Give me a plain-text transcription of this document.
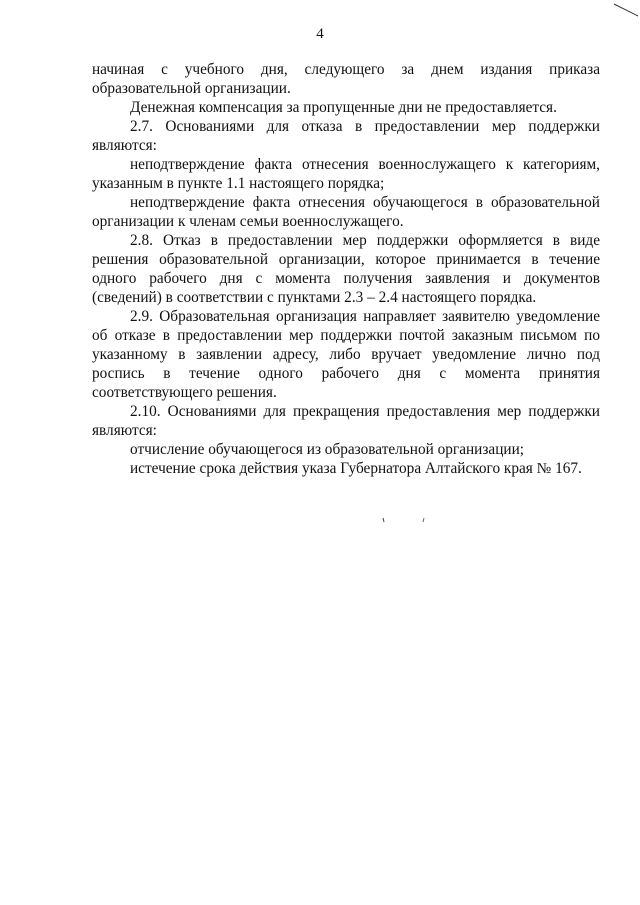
4

начиная с учебного дня, следующего за днем издания приказа образовательной организации.

Денежная компенсация за пропущенные дни не предоставляется.

2.7. Основаниями для отказа в предоставлении мер поддержки являются:

неподтверждение факта отнесения военнослужащего к категориям, указанным в пункте 1.1 настоящего порядка;

неподтверждение факта отнесения обучающегося в образовательной организации к членам семьи военнослужащего.

2.8. Отказ в предоставлении мер поддержки оформляется в виде решения образовательной организации, которое принимается в течение одного рабочего дня с момента получения заявления и документов (сведений) в соответствии с пунктами 2.3 – 2.4 настоящего порядка.

2.9. Образовательная организация направляет заявителю уведомление об отказе в предоставлении мер поддержки почтой заказным письмом по указанному в заявлении адресу, либо вручает уведомление лично под роспись в течение одного рабочего дня с момента принятия соответствующего решения.

2.10. Основаниями для прекращения предоставления мер поддержки являются:

отчисление обучающегося из образовательной организации;

истечение срока действия указа Губернатора Алтайского края № 167.
